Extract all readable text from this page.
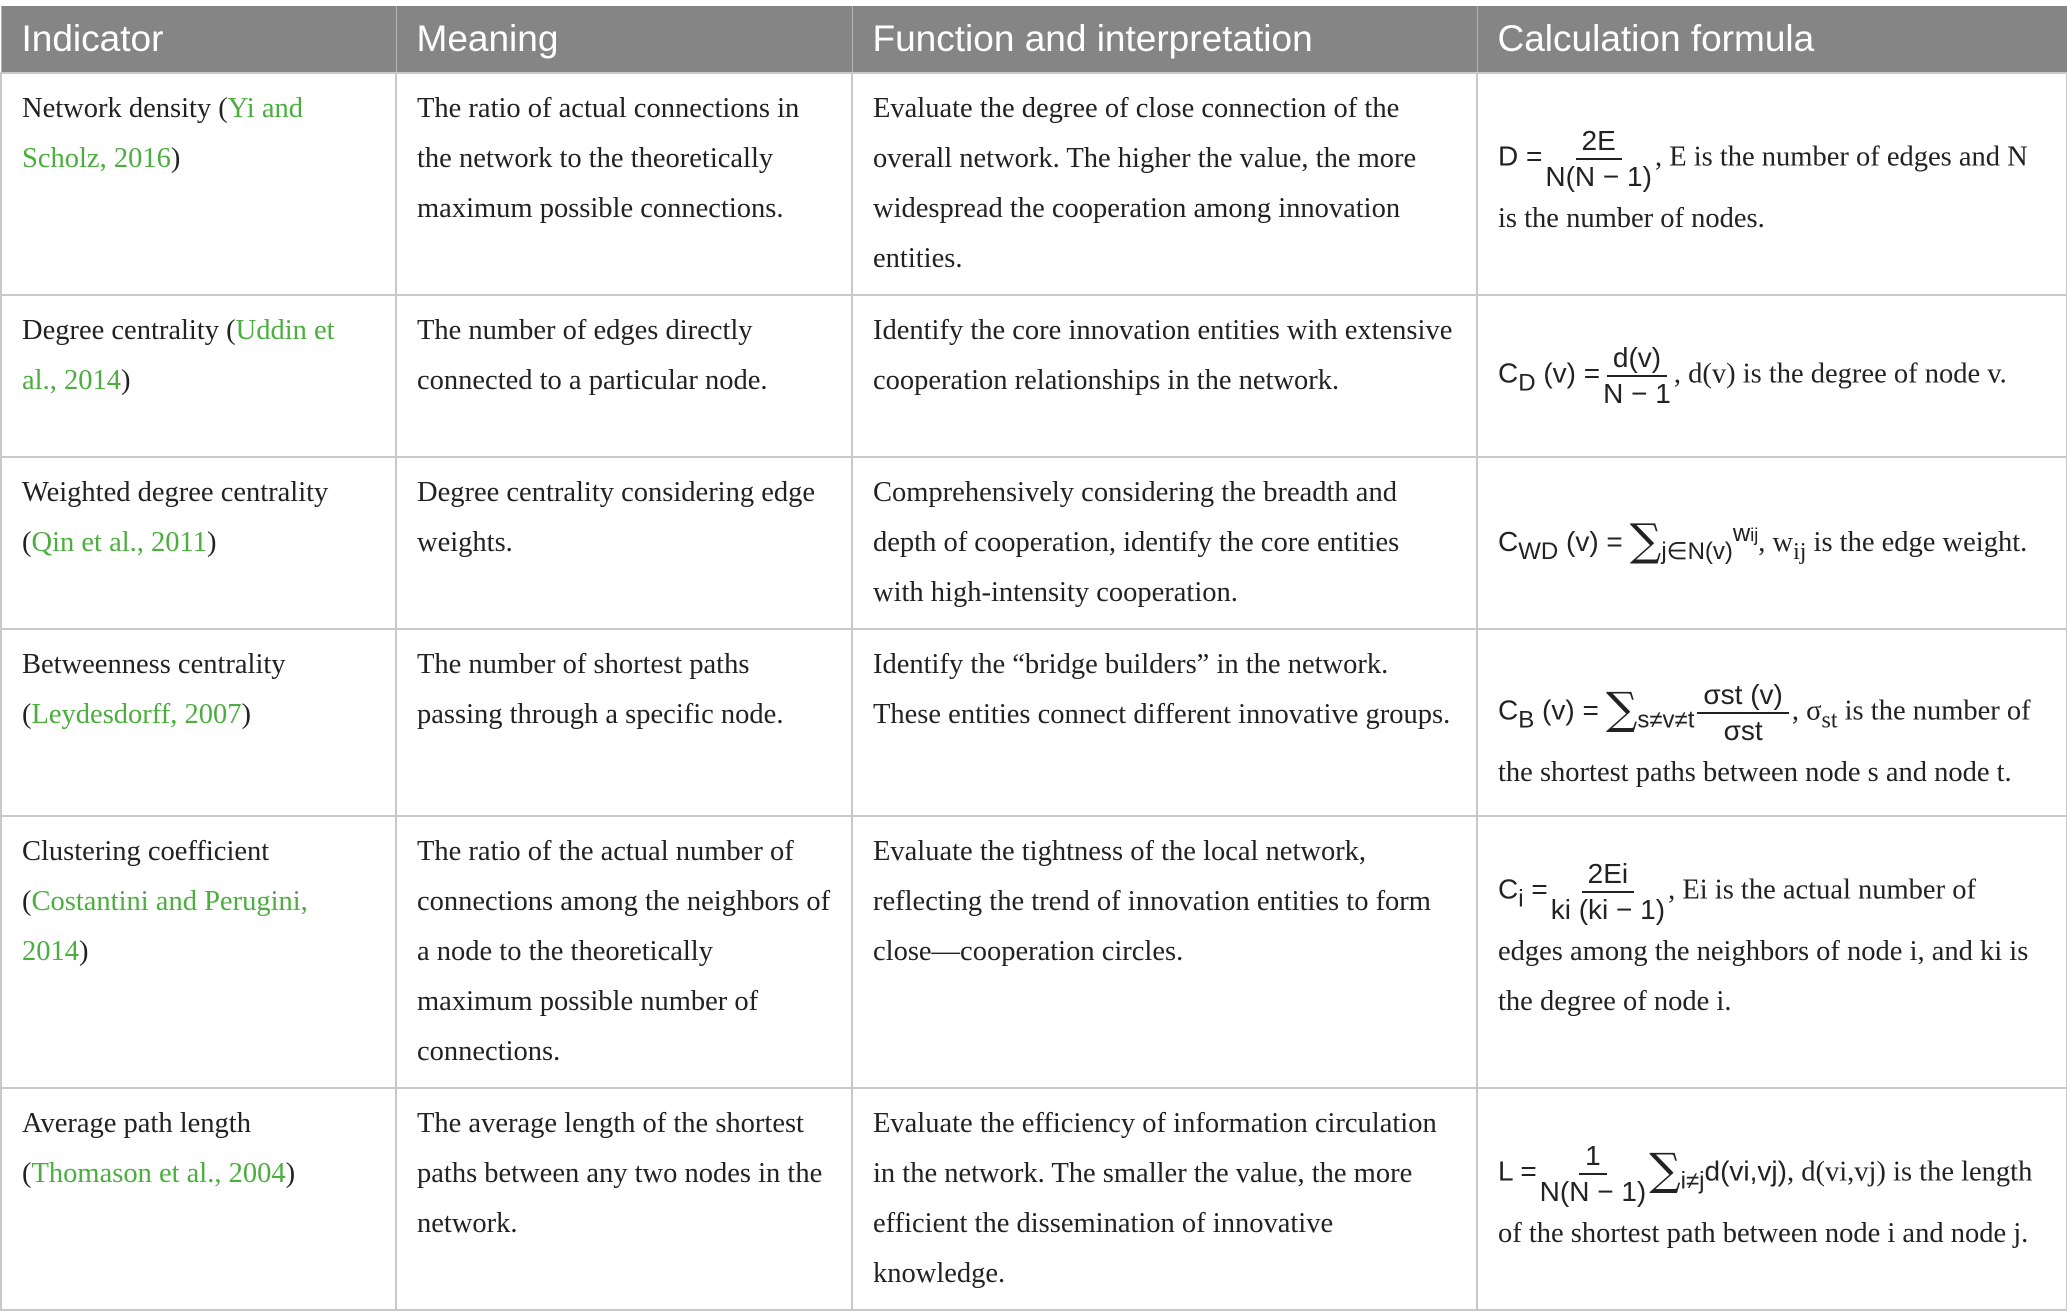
Indicator	Meaning	Function and interpretation	Calculation formula
Network density (Yi and Scholz, 2016)	The ratio of actual connections in the network to the theoretically maximum possible connections.	Evaluate the degree of close connection of the overall network. The higher the value, the more widespread the cooperation among innovation entities.	$D = \frac{2E}{N(N - 1)}$ , E is the number of edges and N is the number of nodes.
Degree centrality (Uddin et al., 2014)	The number of edges directly connected to a particular node.	Identify the core innovation entities with extensive cooperation relationships in the network.	$C_D$ $(v) = \frac{d(v)}{N - 1}$ , d(v) is the degree of node v.
Weighted degree centrality (Qin et al., 2011)	Degree centrality considering edge weights.	Comprehensively considering the breadth and depth of cooperation, identify the core entities with high-intensity cooperation.	$C_{WD}$ $(v) = \sum_{j\in N(v)}^{wij}$, $w_{ij}$ is the edge weight.
Betweenness centrality (Leydesdorff, 2007)	The number of shortest paths passing through a specific node.	Identify the “bridge builders” in the network. These entities connect different innovative groups.	$C_B$ $(v) = \sum_{s\ne v\ne t} \frac{\text{σst (v)}}{\text{σst}}$ , $\sigma_{st}$ is the number of the shortest paths between node s and node t.
Clustering coefficient (Costantini and Perugini, 2014)	The ratio of the actual number of connections among the neighbors of a node to the theoretically maximum possible number of connections.	Evaluate the tightness of the local network, reflecting the trend of innovation entities to form close—cooperation circles.	$C_i = \frac{2Ei}{ki (ki - 1)}$ , Ei is the actual number of edges among the neighbors of node i, and ki is the degree of node i.
Average path length (Thomason et al., 2004)	The average length of the shortest paths between any two nodes in the network.	Evaluate the efficiency of information circulation in the network. The smaller the value, the more efficient the dissemination of innovative knowledge.	$L = \frac{1}{N(N - 1)} \sum_{i\ne j}d(vi,vj)$, d(vi,vj) is the length of the shortest path between node i and node j.
